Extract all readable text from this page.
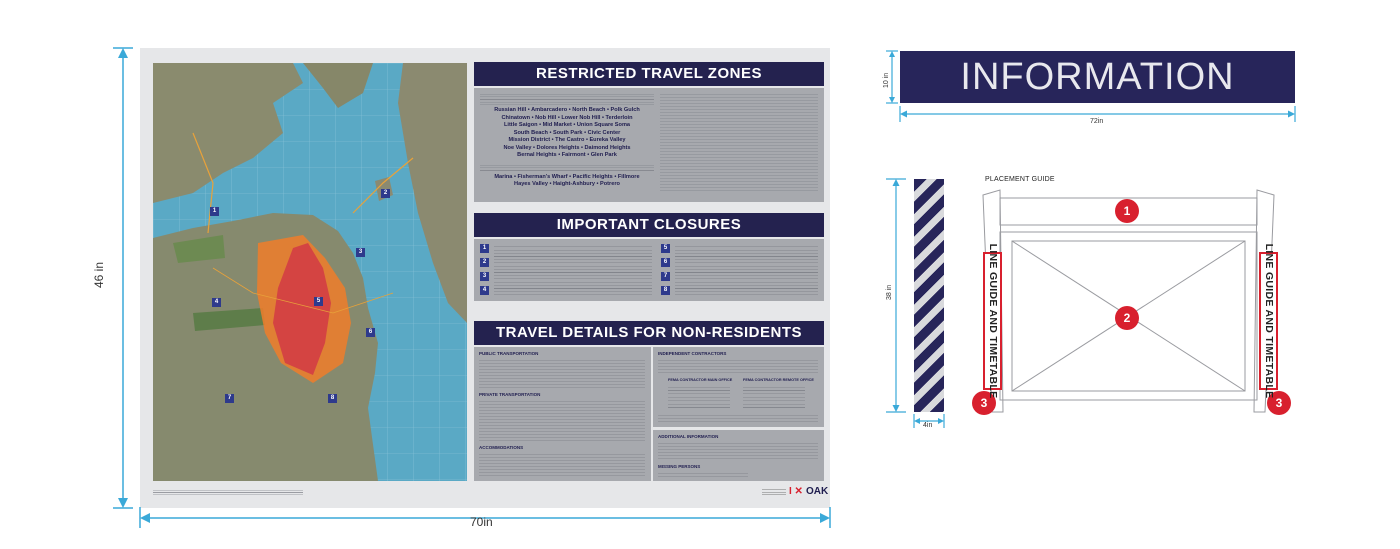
1
2
3
4	5
6
7	8
RESTRICTED TRAVEL ZONES
Russian Hill • Ambarcadero • North Beach • Polk Gulch
Chinatown • Nob Hill • Lower Nob Hill • Terderloin
Little Saigon • Mid Market • Union Square Soma
South Beach • South Park • Civic Center
Mission District • The Castro • Eureka Valley
Noe Valley • Dolores Heights • Daimond Heights
Bernal Heights • Fairmont • Glen Park
Marina • Fisherman's Wharf • Pacific Heights • Fillmore
Hayes Valley • Haight-Ashbury • Potrero
IMPORTANT CLOSURES
1
2
3
4
5
6
7
8
TRAVEL DETAILS FOR NON-RESIDENTS
PUBLIC TRANSPORTATION
PRIVATE TRANSPORTATION
ACCOMMODATIONS
INDEPENDENT CONTRACTORS
FEMA CONTRACTOR MAIN OFFICE	FEMA CONTRACTOR REMOTE OFFICE
ADDITIONAL INFORMATION
MISSING PERSONS
I ✕ OAK
46 in
70in
INFORMATION
10 in
72in
38 in
4in
PLACEMENT GUIDE
1
2
3	3
LINE GUIDE AND TIMETABLE	LINE GUIDE AND TIMETABLE
